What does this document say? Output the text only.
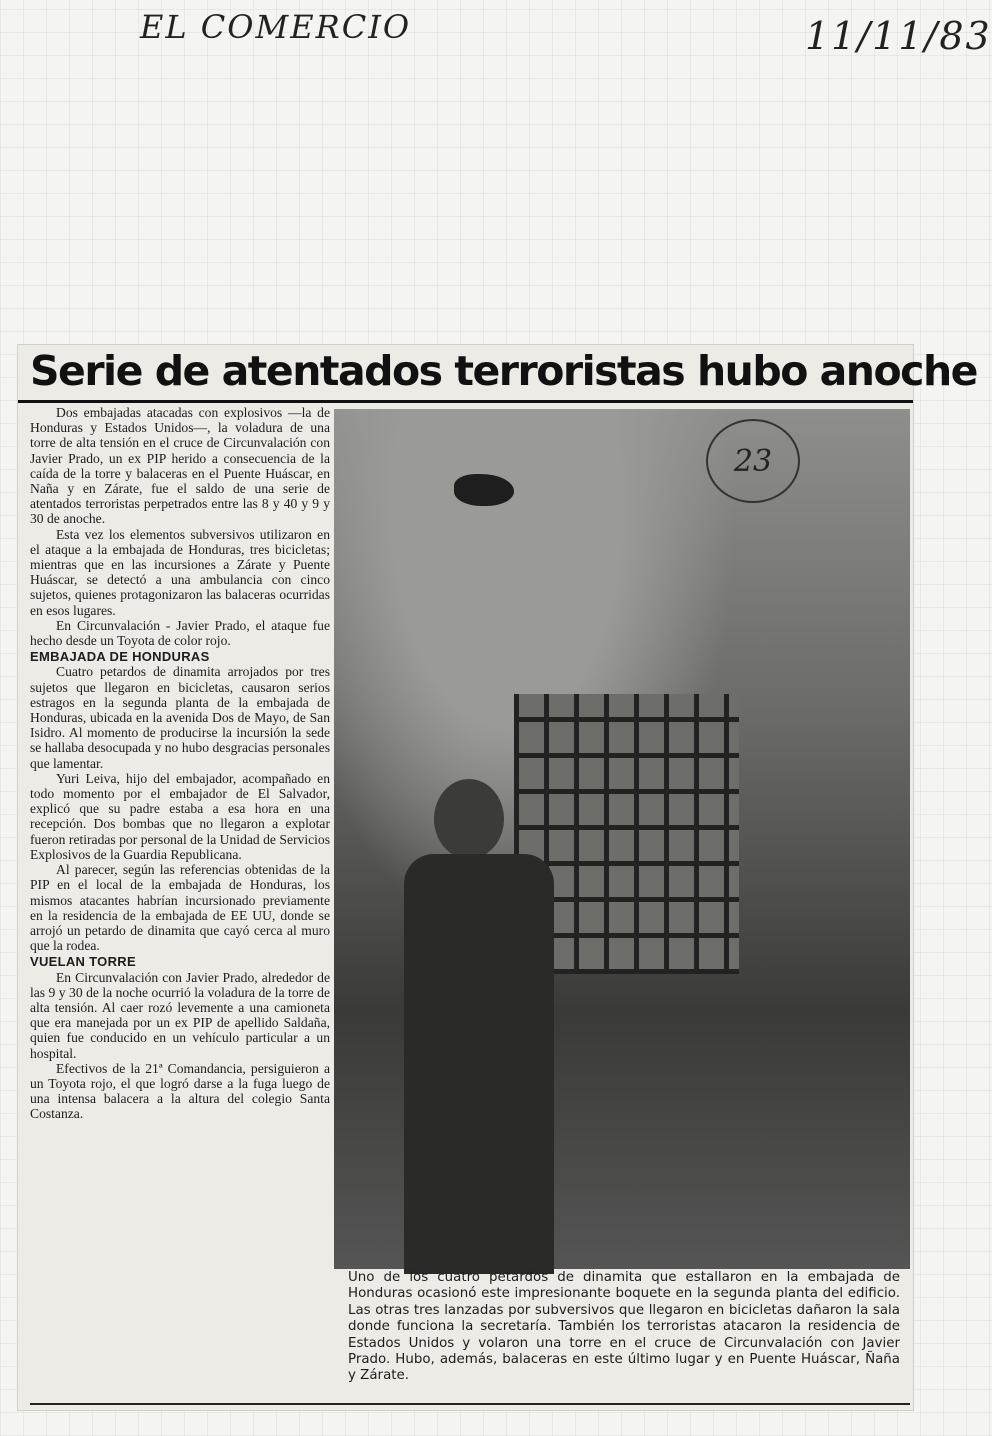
EL COMERCIO	11/11/83
Serie de atentados terroristas hubo anoche

Dos embajadas atacadas con explosivos —la de Honduras y Estados Unidos—, la voladura de una torre de alta tensión en el cruce de Circunvalación con Javier Prado, un ex PIP herido a consecuencia de la caída de la torre y balaceras en el Puente Huáscar, en Naña y en Zárate, fue el saldo de una serie de atentados terroristas perpetrados entre las 8 y 40 y 9 y 30 de anoche.

Esta vez los elementos subversivos utilizaron en el ataque a la embajada de Honduras, tres bicicletas; mientras que en las incursiones a Zárate y Puente Huáscar, se detectó a una ambulancia con cinco sujetos, quienes protagonizaron las balaceras ocurridas en esos lugares.

En Circunvalación - Javier Prado, el ataque fue hecho desde un Toyota de color rojo.

EMBAJADA DE HONDURAS

Cuatro petardos de dinamita arrojados por tres sujetos que llegaron en bicicletas, causaron serios estragos en la segunda planta de la embajada de Honduras, ubicada en la avenida Dos de Mayo, de San Isidro. Al momento de producirse la incursión la sede se hallaba desocupada y no hubo desgracias personales que lamentar.

Yuri Leiva, hijo del embajador, acompañado en todo momento por el embajador de El Salvador, explicó que su padre estaba a esa hora en una recepción. Dos bombas que no llegaron a explotar fueron retiradas por personal de la Unidad de Servicios Explosivos de la Guardia Republicana.

Al parecer, según las referencias obtenidas de la PIP en el local de la embajada de Honduras, los mismos atacantes habrían incursionado previamente en la residencia de la embajada de EE UU, donde se arrojó un petardo de dinamita que cayó cerca al muro que la rodea.

VUELAN TORRE

En Circunvalación con Javier Prado, alrededor de las 9 y 30 de la noche ocurrió la voladura de la torre de alta tensión. Al caer rozó levemente a una camioneta que era manejada por un ex PIP de apellido Saldaña, quien fue conducido en un vehículo particular a un hospital.

Efectivos de la 21ª Comandancia, persiguieron a un Toyota rojo, el que logró darse a la fuga luego de una intensa balacera a la altura del colegio Santa Costanza.

23
Uno de los cuatro petardos de dinamita que estallaron en la embajada de Honduras ocasionó este impresionante boquete en la segunda planta del edificio. Las otras tres lanzadas por subversivos que llegaron en bicicletas dañaron la sala donde funciona la secretaría. También los terroristas atacaron la residencia de Estados Unidos y volaron una torre en el cruce de Circunvalación con Javier Prado. Hubo, además, balaceras en este último lugar y en Puente Huáscar, Ñaña y Zárate.
